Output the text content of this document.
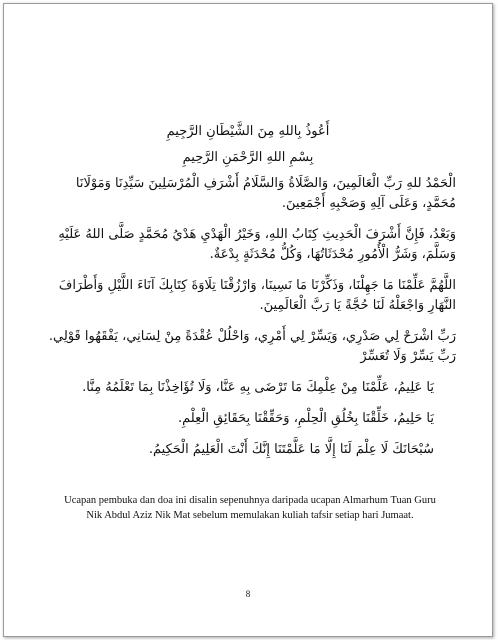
أَعُوذُ بِاللهِ مِنَ الشَّيْطَانِ الرَّجِيمِ

بِسْمِ اللهِ الرَّحْمَنِ الرَّحِيمِ

الْحَمْدُ للهِ رَبِّ الْعَالَمِينَ، وَالصَّلَاةُ وَالسَّلَامُ أَشْرَفِ الْمُرْسَلِينَ سَيِّدِنَا وَمَوْلَانَا مُحَمَّدٍ، وَعَلَى آلِهِ وَصَحْبِهِ أَجْمَعِينَ.

وَبَعْدُ، فَإِنَّ أَشْرَفَ الْحَدِيثِ كِتَابُ اللهِ، وَخَيْرُ الْهَدْيِ هَدْيُ مُحَمَّدٍ صَلَّى اللهُ عَلَيْهِ وَسَلَّمَ، وَشَرُّ الْأُمُورِ مُحْدَثَاتُهَا، وَكُلُّ مُحْدَثَةٍ بِدْعَةٌ.

اللَّهُمَّ عَلِّمْنَا مَا جَهِلْنَا، وَذَكِّرْنَا مَا نَسِينَا، وَارْزُقْنَا تِلَاوَةَ كِتَابِكَ آنَاءَ اللَّيْلِ وَأَطْرَافَ النَّهَارِ وَاجْعَلْهُ لَنَا حُجَّةً يَا رَبَّ الْعَالَمِينَ.

رَبِّ اشْرَحْ لِي صَدْرِي، وَيَسِّرْ لِي أَمْرِي، وَاحْلُلْ عُقْدَةً مِنْ لِسَانِي، يَفْقَهُوا قَوْلِي. رَبِّ يَسِّرْ وَلَا تُعَسِّرْ

يَا عَلِيمُ، عَلِّمْنَا مِنْ عِلْمِكَ مَا تَرْضَى بِهِ عَنَّا، وَلَا تُؤَاخِذْنَا بِمَا تَعْلَمُهُ مِنَّا.

يَا حَلِيمُ، خَلِّقْنَا بِخُلُقِ الْحِلْمِ، وَحَقِّقْنَا بِحَقَائِقِ الْعِلْمِ.

سُبْحَانَكَ لَا عِلْمَ لَنَا إِلَّا مَا عَلَّمْتَنَا إِنَّكَ أَنْتَ الْعَلِيمُ الْحَكِيمُ.

Ucapan pembuka dan doa ini disalin sepenuhnya daripada ucapan Almarhum Tuan Guru Nik Abdul Aziz Nik Mat sebelum memulakan kuliah tafsir setiap hari Jumaat.

8
